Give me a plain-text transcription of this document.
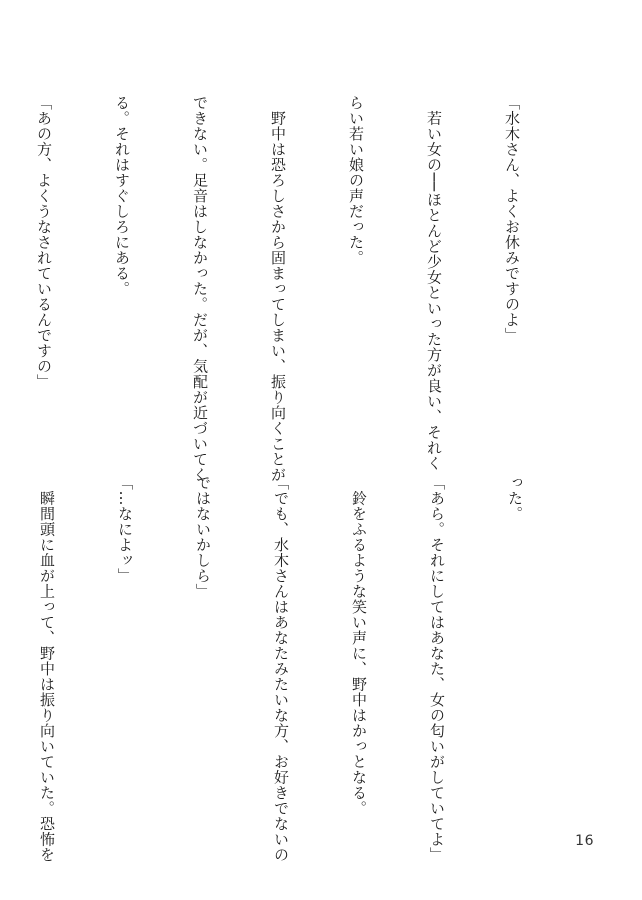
「水木さん、よくお休みですのよ」

　若い女の──ほとんど少女といった方が良い、それく

らい若い娘の声だった。

　野中は恐ろしさから固まってしまい、振り向くことが

できない。足音はしなかった。だが、気配が近づいてく

る。それはすぐしろにある。

「あの方、よくうなされているんですの」

った。

「あら。それにしてはあなた、女の匂いがしていてよ」

　鈴をふるような笑い声に、野中はかっとなる。

「でも、水木さんはあなたみたいな方、お好きでないの

ではないかしら」

「…なによッ」

　瞬間頭に血が上って、野中は振り向いていた。恐怖を

	16
